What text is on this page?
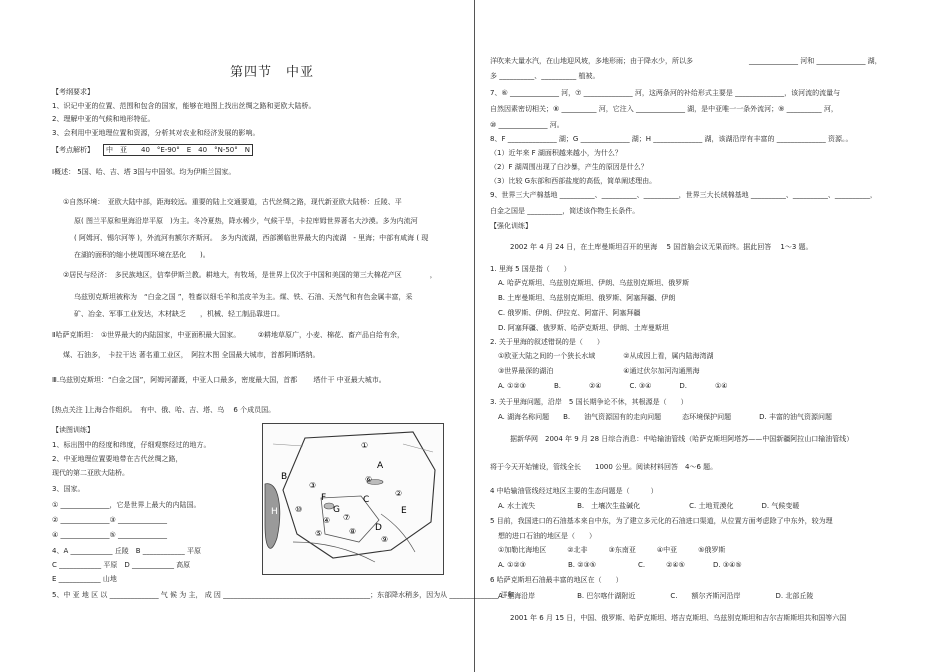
第四节　中亚
【考纲要求】
1、识记中亚的位置、范围和包含的国家，能够在地图上找出丝绸之路和更欧大陆桥。
2、理解中亚的气候和地形特征。
3、会利用中亚地理位置和资源，分析其对农业和经济发展的影响。
【考点解析】	中　亚　　40　°E-90°　E　40　°N-50°　N
Ⅰ概述： 5国、哈、吉、塔 3国与中国邻。均为伊斯兰国家。
①自然环境：　亚欧大陆中部，距海较远。重要的陆上交通要道，古代丝绸之路，现代新亚欧大陆桥：丘陵、平
原( 图兰平原和里海沿岸平原　)为主。冬冷夏热，降水稀少，气候干旱，卡拉库姆世界著名大沙漠。多为内流河
( 阿姆河、锡尔河等 )，外流河有额尔齐斯河。　多为内流湖，西部濒临世界最大的内流湖　- 里海；中部有咸海 ( 现
在湖的面积的缩小使周围环境在恶化　　)。
②居民与经济：　多民族地区，信奉伊斯兰教。耕地大，有牧场，是世界上仅次于中国和美国的第三大棉花产区　　　　，
乌兹别克斯坦被称为　“白金之国 ”，牲畜以细毛羊和羔皮羊为主。煤、铁、石油、天然气和有色金属丰富，采
矿、冶金、军事工业发达，木材缺乏　　，机械、轻工制品靠进口。
Ⅱ哈萨克斯坦：　①世界最大的内陆国家，中亚面积最大国家。　　　②耕地草原广，小麦、棉花、畜产品自给有余，
煤、石油多，　卡拉干达 著名重工业区，　阿拉木图 全国最大城市，首都阿斯塔纳。
Ⅲ.乌兹别克斯坦：“白金之国”，阿姆河灌溉，中亚人口最多，密度最大国，首都　　 塔什干 中亚最大城市。
[热点关注 ]上海合作组织。　有中、俄、哈、吉、塔、乌　 6 个成员国。
【读图训练】
1、标出图中的经度和纬度，仔细观察经过的地方。
2、中亚地理位置要地带在古代丝绸之路，
现代的第二亚欧大陆桥。
3、国家。
① ______________，它是世界上最大的内陆国。
② ______________③ ______________
④ ______________⑤ ______________
4、A ____________ 丘陵　B ____________ 平原
C ____________ 平原　D ____________ 高原
E ____________ 山地
5、中 亚 地 区 以 ______________ 气 候 为 主， 成 因 __________________________________________；东部降水稍多，因为从 ______________ 洋和
A
B
C
D
E
F
G
H
①
②
③
④
⑤
⑥
⑦
⑧
⑨
⑩
洋吹来大量水汽，在山地迎风坡，多地形雨；由于降水少，所以多　　　　　　　　______________ 河和 ______________ 湖，
多 __________、__________ 植被。
7、⑥ ______________ 河，⑦ ______________ 河，这两条河的补给形式主要是 ______________，该河流的流量与
自然因素密切相关；⑧ __________ 河，它注入 ______________ 湖，是中亚唯一一条外流河；⑨ __________ 河，
⑩ ______________ 河。
8、F ______________ 湖；G ______________ 湖；H ______________ 湖，该湖沿岸有丰富的 ______________ 资源。。
（1）近年来 F 湖面积越来越小，为什么？
（2）F 湖周围出现了白沙暴，产生的原因是什么？
（3）比较 G东部和西部盐度的高低，简单阐述理由。
9、世界三大产棉基地 __________、__________、__________，世界三大长绒棉基地 __________、__________、__________，
白金之国是 __________，简述该作物生长条件。
【强化训练】
2002 年 4 月 24 日，在土库曼斯坦召开的里海　 5 国首脑会议无果而终。据此回答　 1～3 题。
1. 里海 5 国是指（　　）
A. 哈萨克斯坦、乌兹别克斯坦、伊朗、乌兹别克斯坦、俄罗斯
B. 土库曼斯坦、乌兹别克斯坦、俄罗斯、阿塞拜疆、伊朗
C. 俄罗斯、伊朗、伊拉克、阿富汗、阿塞拜疆
D. 阿塞拜疆、俄罗斯、哈萨克斯坦、伊朗、土库曼斯坦
2. 关于里海的叙述错误的是（　　）
①欧亚大陆之间的一个狭长水域　　　　②从成因上看，属内陆海湾湖
③世界最深的湖泊　　　　　　　　　　④通过伏尔加河沟通黑海
A. ①②③　　　　B.　　　　②④　　　　C. ③④　　　　D.　　　　①④
3. 关于里海问题，沿岸　5 国长期争论不休，其根源是（　　）
A. 湖海名称问题　　B.　　油气资源国有的走向问题　　　态环境保护问题　　　　D. 丰富的油气资源问题
据新华网　2004 年 9 月 28 日综合消息：中哈输油管线（哈萨克斯坦阿塔苏——中国新疆阿拉山口输油管线）
将于今天开始铺设，管线全长　　1000 公里。阅读材料回答　4～6 题。
4 中哈输油管线经过地区主要的生态问题是（　　　）
A. 水土流失　　　　　　B.　土壤次生盐碱化　　　　　　　C. 土地荒漠化　　　　D. 气候变暖
5 目前，我国进口的石油基本来自中东，为了建立多元化的石油进口渠道，从位置方面考虑除了中东外，较为理
想的进口石油的地区是（　　）
①加勒比海地区　　　②北非　　　③东南亚　　　④中亚　　　⑤俄罗斯
A. ①②③　　　　　　B. ②③⑤　　　　　　C.　　　②④⑤　　　　D. ③④⑤
6 哈萨克斯坦石油最丰富的地区在（　　）
A. 里海沿岸　　　　　　B. 巴尔喀什湖附近　　　　　C.　　额尔齐斯河沿岸　　　　　D. 北部丘陵
2001 年 6 月 15 日，中国、俄罗斯、哈萨克斯坦、塔吉克斯坦、乌兹别克斯坦和吉尔吉斯斯坦共和国等六国
